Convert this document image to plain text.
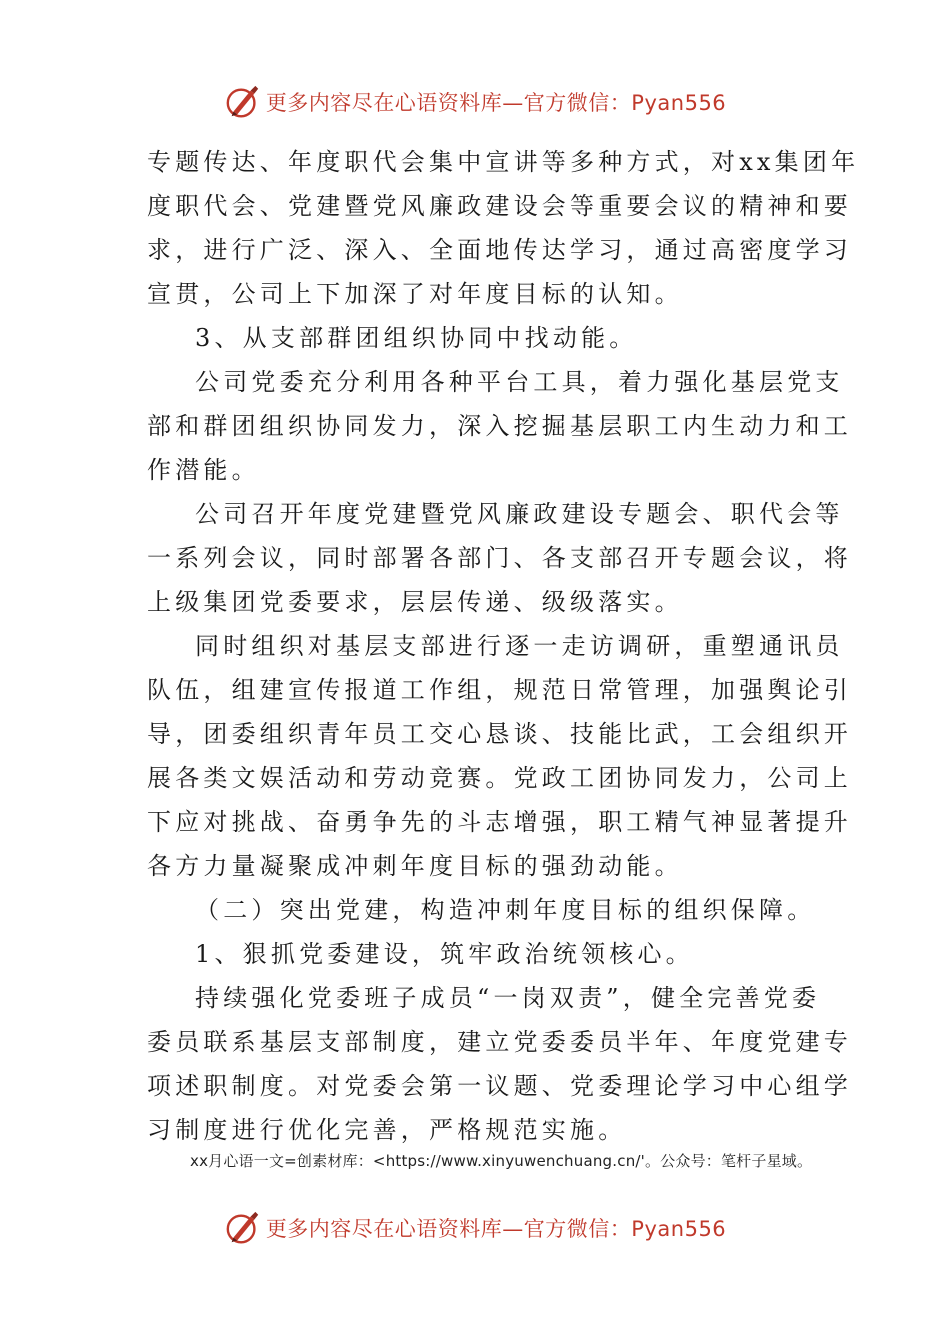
更多内容尽在心语资料库—官方微信：Pyan556
专题传达、年度职代会集中宣讲等多种方式，对xx集团年
度职代会、党建暨党风廉政建设会等重要会议的精神和要
求，进行广泛、深入、全面地传达学习，通过高密度学习
宣贯，公司上下加深了对年度目标的认知。
3、从支部群团组织协同中找动能。
公司党委充分利用各种平台工具，着力强化基层党支
部和群团组织协同发力，深入挖掘基层职工内生动力和工
作潜能。
公司召开年度党建暨党风廉政建设专题会、职代会等
一系列会议，同时部署各部门、各支部召开专题会议，将
上级集团党委要求，层层传递、级级落实。
同时组织对基层支部进行逐一走访调研，重塑通讯员
队伍，组建宣传报道工作组，规范日常管理，加强舆论引
导，团委组织青年员工交心恳谈、技能比武，工会组织开
展各类文娱活动和劳动竞赛。党政工团协同发力，公司上
下应对挑战、奋勇争先的斗志增强，职工精气神显著提升
各方力量凝聚成冲刺年度目标的强劲动能。
（二）突出党建，构造冲刺年度目标的组织保障。
1、狠抓党委建设，筑牢政治统领核心。
持续强化党委班子成员“一岗双责”，健全完善党委
委员联系基层支部制度，建立党委委员半年、年度党建专
项述职制度。对党委会第一议题、党委理论学习中心组学
习制度进行优化完善，严格规范实施。
xx月心语一文=创素材库：<https://www.xinyuwenchuang.cn/'。公众号：笔杆子星域。
更多内容尽在心语资料库—官方微信：Pyan556
